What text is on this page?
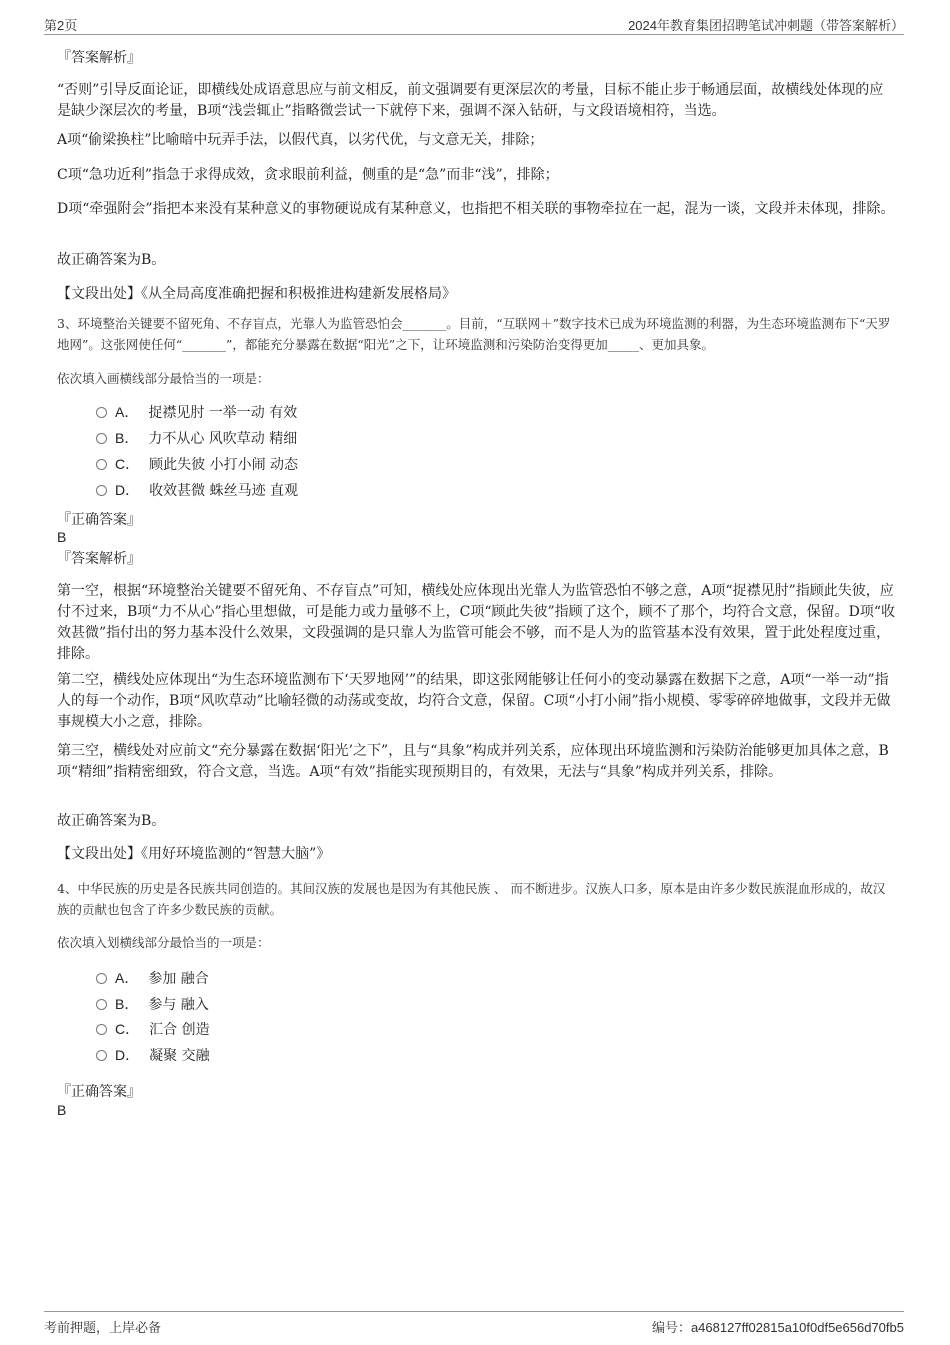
第2页	2024年教育集团招聘笔试冲刺题（带答案解析）
『答案解析』
“否则”引导反面论证，即横线处成语意思应与前文相反，前文强调要有更深层次的考量，目标不能止步于畅通层面，故横线处体现的应是缺少深层次的考量，B项“浅尝辄止”指略微尝试一下就停下来，强调不深入钻研，与文段语境相符，当选。
A项“偷梁换柱”比喻暗中玩弄手法，以假代真，以劣代优，与文意无关，排除；
C项“急功近利”指急于求得成效，贪求眼前利益，侧重的是“急”而非“浅”，排除；
D项“牵强附会”指把本来没有某种意义的事物硬说成有某种意义，也指把不相关联的事物牵拉在一起，混为一谈，文段并未体现，排除。
故正确答案为B。
【文段出处】《从全局高度准确把握和积极推进构建新发展格局》
3、环境整治关键要不留死角、不存盲点，光靠人为监管恐怕会_______。目前，“互联网＋”数字技术已成为环境监测的利器，为生态环境监测布下“天罗地网”。这张网使任何“_______”，都能充分暴露在数据“阳光”之下，让环境监测和污染防治变得更加_____、更加具象。
依次填入画横线部分最恰当的一项是：
A． 捉襟见肘 一举一动 有效
B． 力不从心 风吹草动 精细
C． 顾此失彼 小打小闹 动态
D． 收效甚微 蛛丝马迹 直观
『正确答案』
B
『答案解析』
第一空，根据“环境整治关键要不留死角、不存盲点”可知，横线处应体现出光靠人为监管恐怕不够之意，A项“捉襟见肘”指顾此失彼，应付不过来，B项“力不从心”指心里想做，可是能力或力量够不上，C项“顾此失彼”指顾了这个，顾不了那个，均符合文意，保留。D项“收效甚微”指付出的努力基本没什么效果，文段强调的是只靠人为监管可能会不够，而不是人为的监管基本没有效果，置于此处程度过重，排除。
第二空，横线处应体现出“为生态环境监测布下‘天罗地网’”的结果，即这张网能够让任何小的变动暴露在数据下之意，A项“一举一动”指人的每一个动作，B项“风吹草动”比喻轻微的动荡或变故，均符合文意，保留。C项“小打小闹”指小规模、零零碎碎地做事，文段并无做事规模大小之意，排除。
第三空，横线处对应前文“充分暴露在数据‘阳光’之下”，且与“具象”构成并列关系，应体现出环境监测和污染防治能够更加具体之意，B项“精细”指精密细致，符合文意，当选。A项“有效”指能实现预期目的，有效果，无法与“具象”构成并列关系，排除。
故正确答案为B。
【文段出处】《用好环境监测的“智慧大脑”》
4、中华民族的历史是各民族共同创造的。其间汉族的发展也是因为有其他民族 、 而不断进步。汉族人口多，原本是由许多少数民族混血形成的，故汉族的贡献也包含了许多少数民族的贡献。
依次填入划横线部分最恰当的一项是：
A． 参加 融合
B． 参与 融入
C． 汇合 创造
D． 凝聚 交融
『正确答案』
B
考前押题，上岸必备	编号：a468127ff02815a10f0df5e656d70fb5
